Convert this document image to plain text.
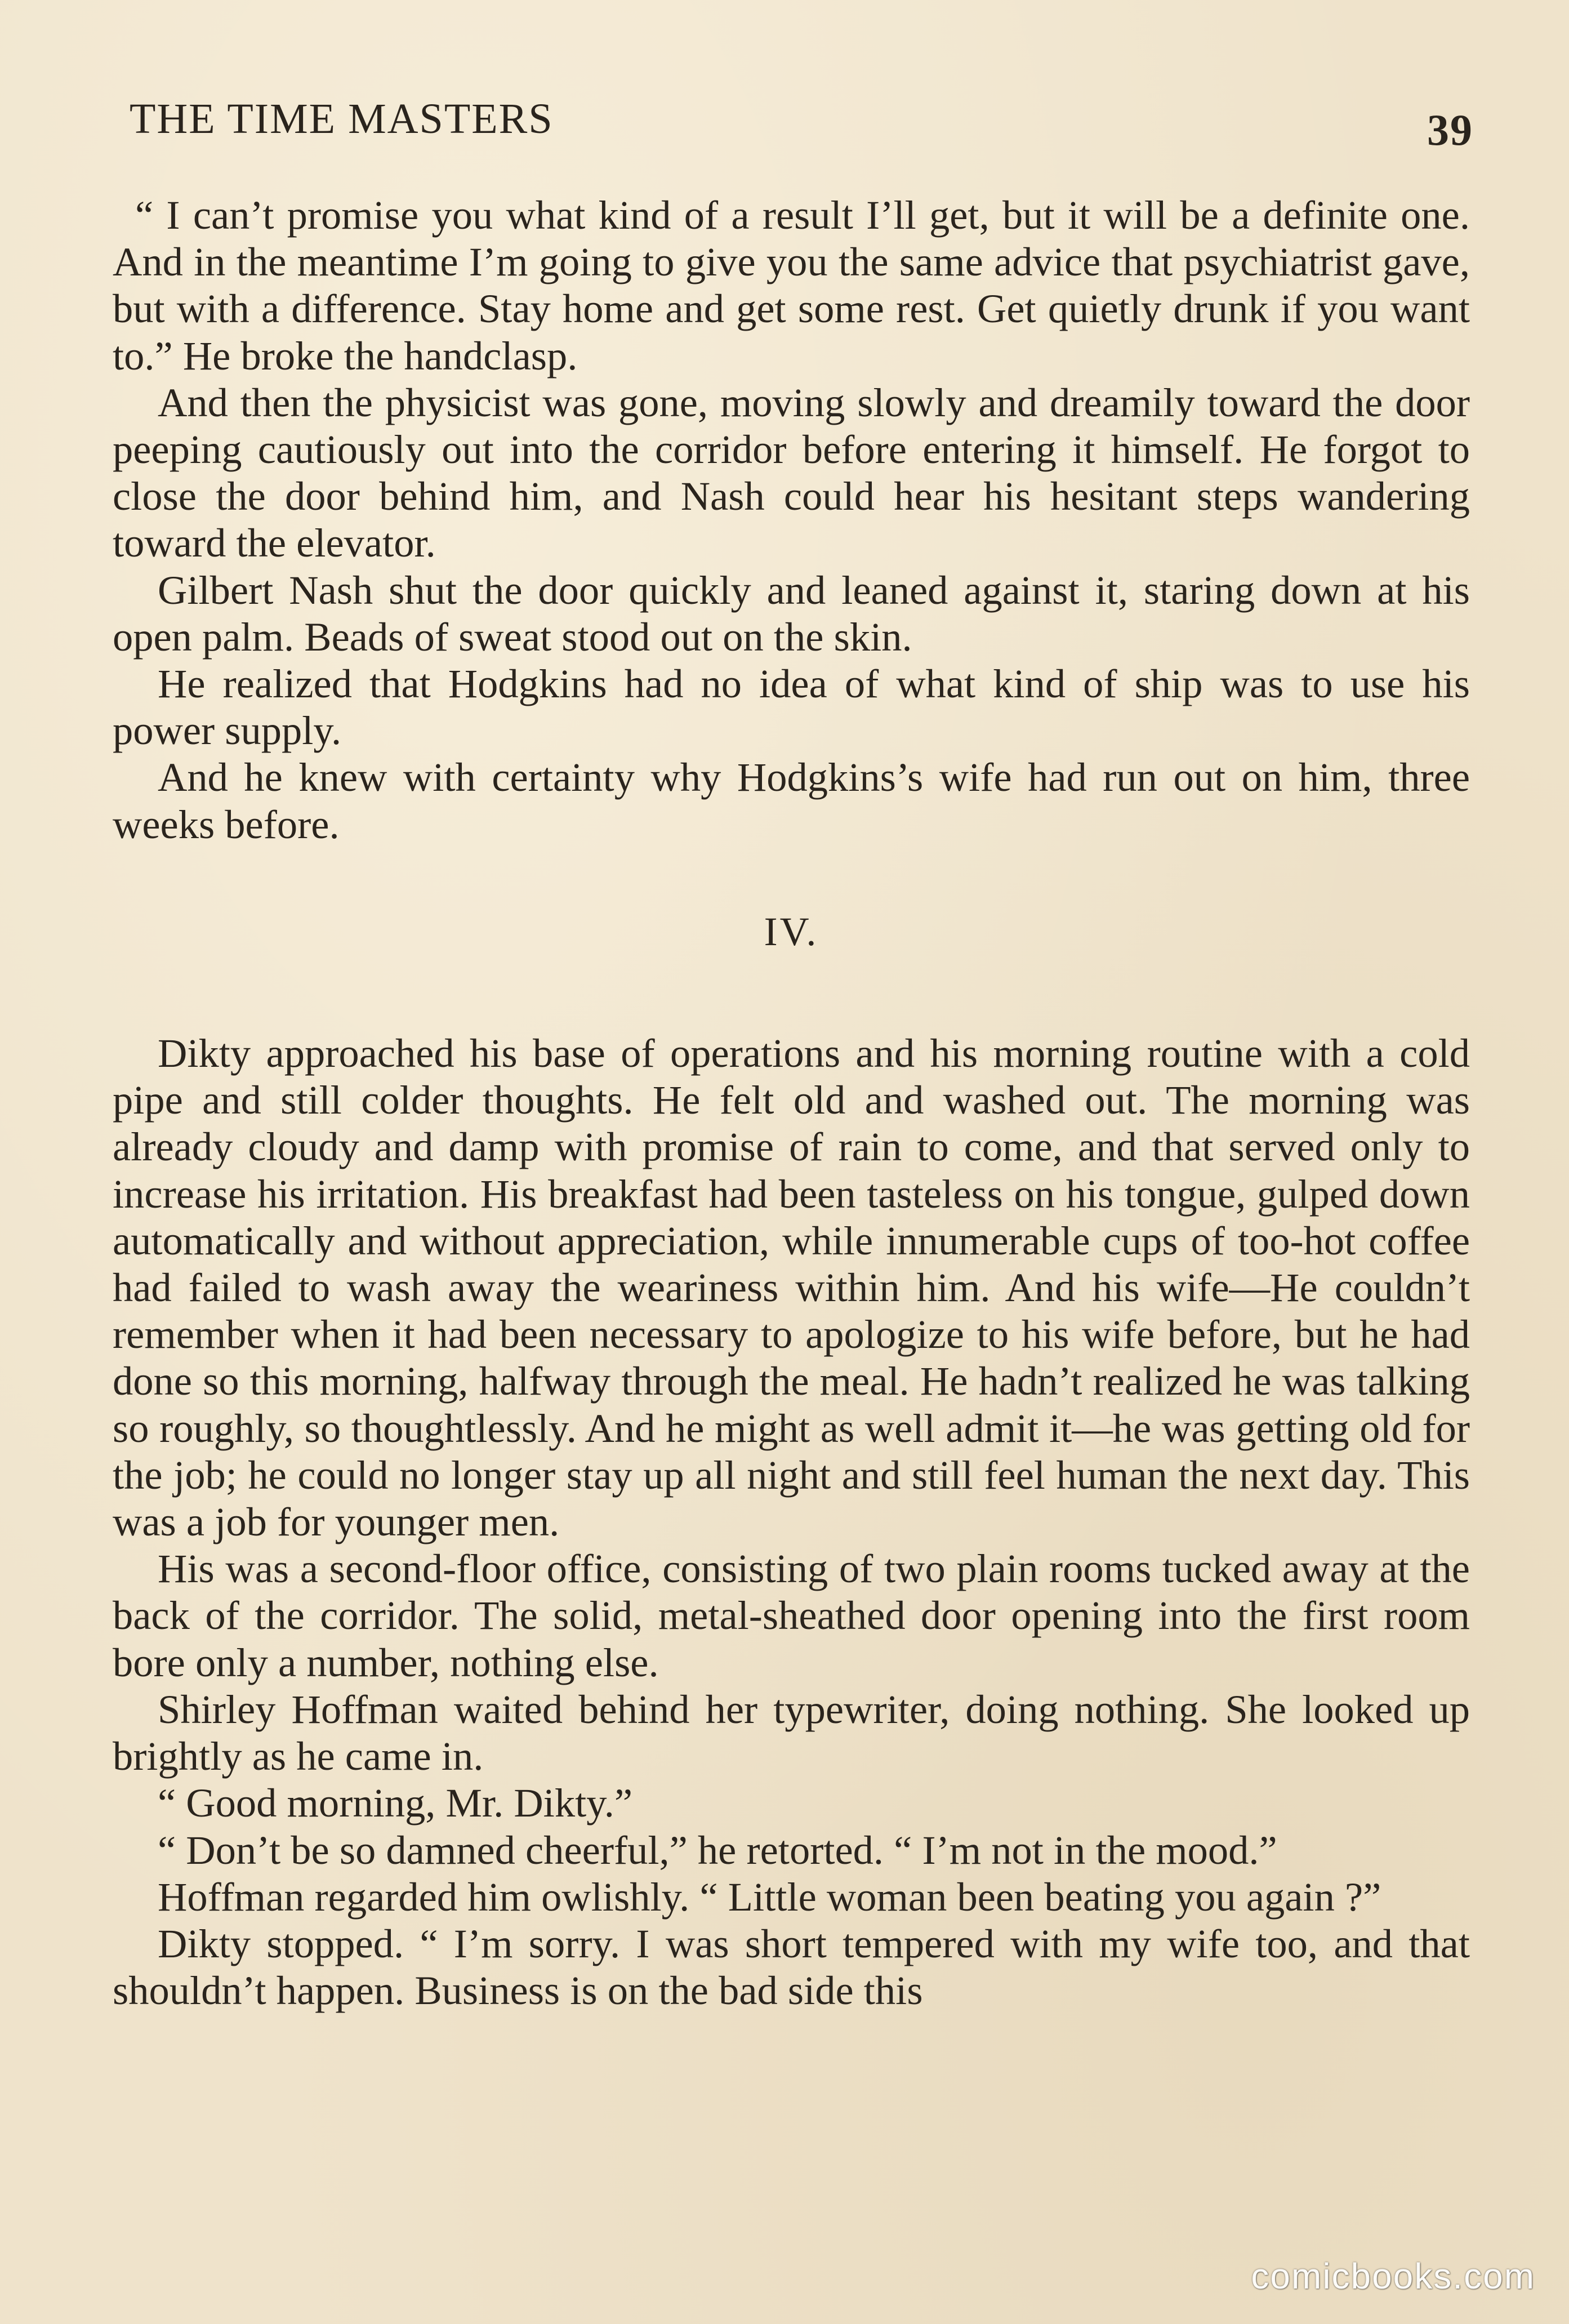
THE TIME MASTERS	39

“ I can’t promise you what kind of a result I’ll get, but it will be a definite one. And in the meantime I’m going to give you the same advice that psychiatrist gave, but with a difference. Stay home and get some rest. Get quietly drunk if you want to.” He broke the handclasp.

And then the physicist was gone, moving slowly and dreamily toward the door peeping cautiously out into the corridor before entering it himself. He forgot to close the door behind him, and Nash could hear his hesitant steps wandering toward the elevator.

Gilbert Nash shut the door quickly and leaned against it, staring down at his open palm. Beads of sweat stood out on the skin.

He realized that Hodgkins had no idea of what kind of ship was to use his power supply.

And he knew with certainty why Hodgkins’s wife had run out on him, three weeks before.

IV.

Dikty approached his base of operations and his morning routine with a cold pipe and still colder thoughts. He felt old and washed out. The morning was already cloudy and damp with promise of rain to come, and that served only to increase his irritation. His breakfast had been tasteless on his tongue, gulped down automatically and without appreciation, while innumerable cups of too-hot coffee had failed to wash away the weariness within him. And his wife—He couldn’t remember when it had been necessary to apologize to his wife before, but he had done so this morning, halfway through the meal. He hadn’t realized he was talking so roughly, so thoughtlessly. And he might as well admit it—he was getting old for the job; he could no longer stay up all night and still feel human the next day. This was a job for younger men.

His was a second-floor office, consisting of two plain rooms tucked away at the back of the corridor. The solid, metal-sheathed door opening into the first room bore only a number, nothing else.

Shirley Hoffman waited behind her typewriter, doing nothing. She looked up brightly as he came in.

“ Good morning, Mr. Dikty.”

“ Don’t be so damned cheerful,” he retorted. “ I’m not in the mood.”

Hoffman regarded him owlishly. “ Little woman been beating you again ?”

Dikty stopped. “ I’m sorry. I was short tempered with my wife too, and that shouldn’t happen. Business is on the bad side this

comicbooks.com
